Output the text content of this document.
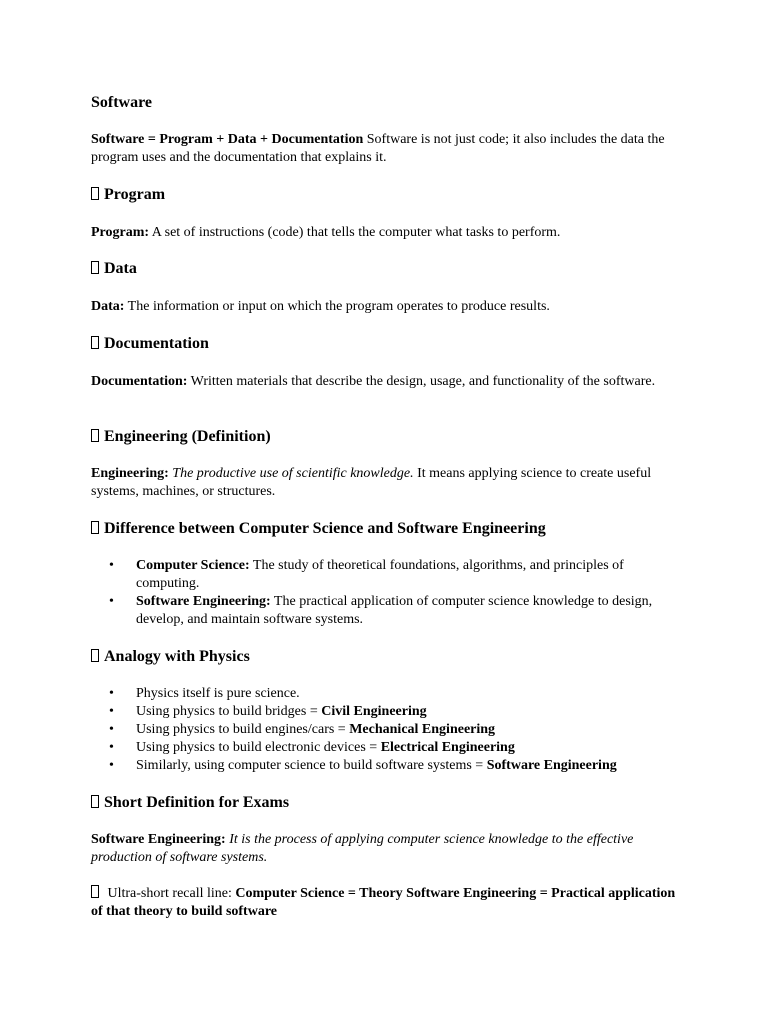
Software

Software = Program + Data + Documentation Software is not just code; it also includes the data the program uses and the documentation that explains it.

Program

Program: A set of instructions (code) that tells the computer what tasks to perform.

Data

Data: The information or input on which the program operates to produce results.

Documentation

Documentation: Written materials that describe the design, usage, and functionality of the software.

Engineering (Definition)

Engineering: The productive use of scientific knowledge. It means applying science to create useful systems, machines, or structures.

Difference between Computer Science and Software Engineering
• Computer Science: The study of theoretical foundations, algorithms, and principles of computing.
• Software Engineering: The practical application of computer science knowledge to design, develop, and maintain software systems.
Analogy with Physics
• Physics itself is pure science.
• Using physics to build bridges = Civil Engineering
• Using physics to build engines/cars = Mechanical Engineering
• Using physics to build electronic devices = Electrical Engineering
• Similarly, using computer science to build software systems = Software Engineering
Short Definition for Exams

Software Engineering: It is the process of applying computer science knowledge to the effective production of software systems.

Ultra-short recall line: Computer Science = Theory Software Engineering = Practical application of that theory to build software
